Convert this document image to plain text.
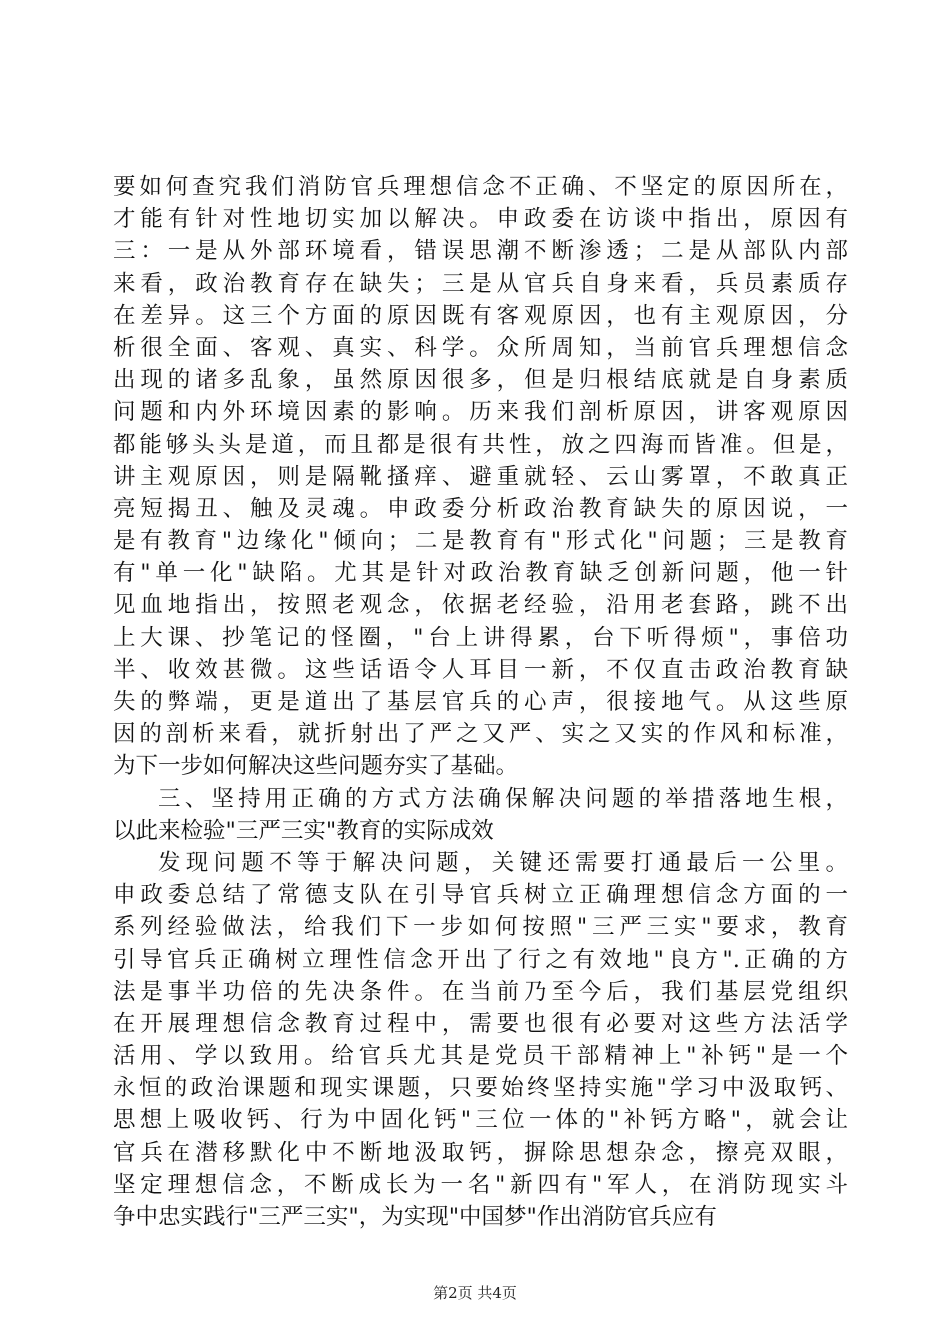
要如何查究我们消防官兵理想信念不正确、不坚定的原因所在，
才能有针对性地切实加以解决。申政委在访谈中指出，原因有
三：一是从外部环境看，错误思潮不断渗透；二是从部队内部
来看，政治教育存在缺失；三是从官兵自身来看，兵员素质存
在差异。这三个方面的原因既有客观原因，也有主观原因，分
析很全面、客观、真实、科学。众所周知，当前官兵理想信念
出现的诸多乱象，虽然原因很多，但是归根结底就是自身素质
问题和内外环境因素的影响。历来我们剖析原因，讲客观原因
都能够头头是道，而且都是很有共性，放之四海而皆准。但是，
讲主观原因，则是隔靴搔痒、避重就轻、云山雾罩，不敢真正
亮短揭丑、触及灵魂。申政委分析政治教育缺失的原因说，一
是有教育"边缘化"倾向；二是教育有"形式化"问题；三是教育
有"单一化"缺陷。尤其是针对政治教育缺乏创新问题，他一针
见血地指出，按照老观念，依据老经验，沿用老套路，跳不出
上大课、抄笔记的怪圈，"台上讲得累，台下听得烦"，事倍功
半、收效甚微。这些话语令人耳目一新，不仅直击政治教育缺
失的弊端，更是道出了基层官兵的心声，很接地气。从这些原
因的剖析来看，就折射出了严之又严、实之又实的作风和标准，
为下一步如何解决这些问题夯实了基础。
三、坚持用正确的方式方法确保解决问题的举措落地生根，
以此来检验"三严三实"教育的实际成效
发现问题不等于解决问题，关键还需要打通最后一公里。
申政委总结了常德支队在引导官兵树立正确理想信念方面的一
系列经验做法，给我们下一步如何按照"三严三实"要求，教育
引导官兵正确树立理性信念开出了行之有效地"良方".正确的方
法是事半功倍的先决条件。在当前乃至今后，我们基层党组织
在开展理想信念教育过程中，需要也很有必要对这些方法活学
活用、学以致用。给官兵尤其是党员干部精神上"补钙"是一个
永恒的政治课题和现实课题，只要始终坚持实施"学习中汲取钙、
思想上吸收钙、行为中固化钙"三位一体的"补钙方略"，就会让
官兵在潜移默化中不断地汲取钙，摒除思想杂念，擦亮双眼，
坚定理想信念，不断成长为一名"新四有"军人，在消防现实斗
争中忠实践行"三严三实"，为实现"中国梦"作出消防官兵应有
第2页 共4页
